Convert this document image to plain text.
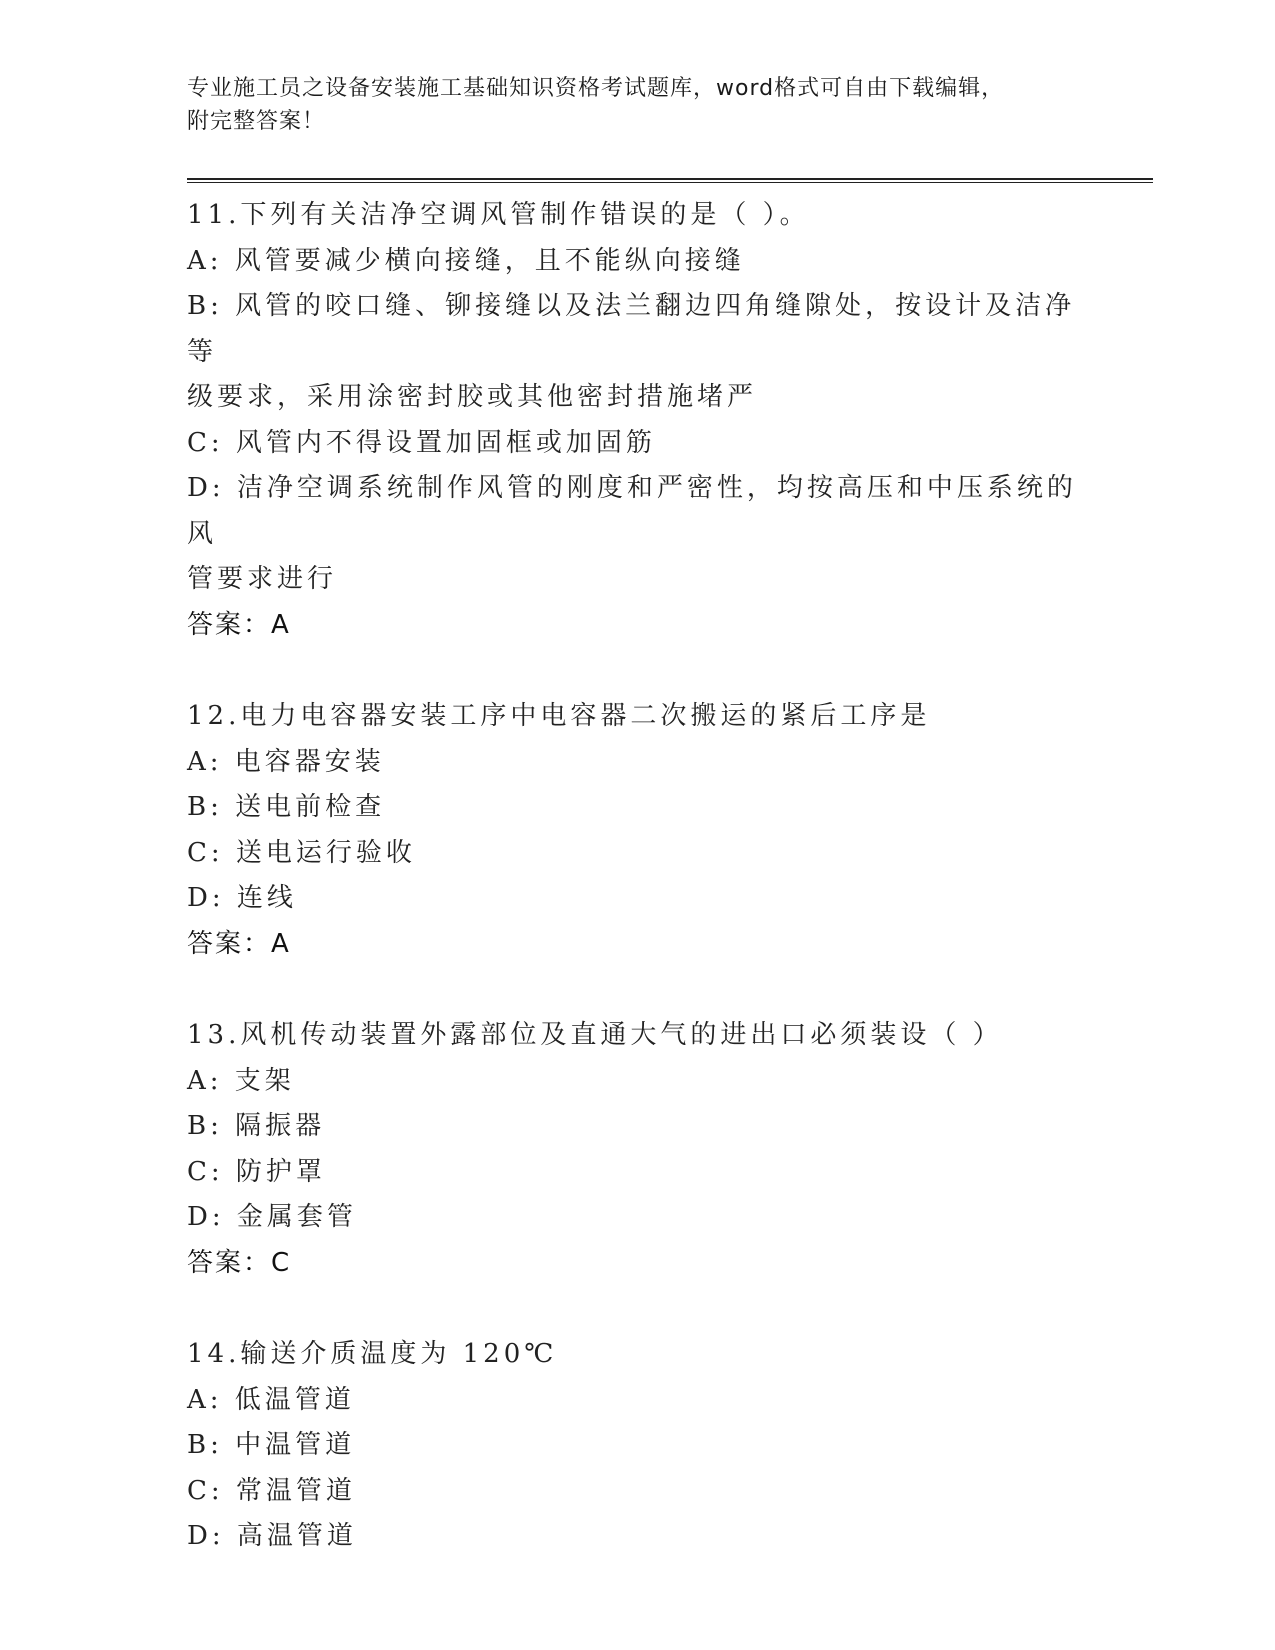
专业施工员之设备安装施工基础知识资格考试题库，word格式可自由下载编辑，
附完整答案！
11.下列有关洁净空调风管制作错误的是（ ）。
A: 风管要减少横向接缝，且不能纵向接缝
B: 风管的咬口缝、铆接缝以及法兰翻边四角缝隙处，按设计及洁净等
级要求，采用涂密封胶或其他密封措施堵严
C: 风管内不得设置加固框或加固筋
D: 洁净空调系统制作风管的刚度和严密性，均按高压和中压系统的风
管要求进行
答案：A
12.电力电容器安装工序中电容器二次搬运的紧后工序是
A: 电容器安装
B: 送电前检查
C: 送电运行验收
D: 连线
答案：A
13.风机传动装置外露部位及直通大气的进出口必须装设（ ）
A: 支架
B: 隔振器
C: 防护罩
D: 金属套管
答案：C
14.输送介质温度为 120℃
A: 低温管道
B: 中温管道
C: 常温管道
D: 高温管道
